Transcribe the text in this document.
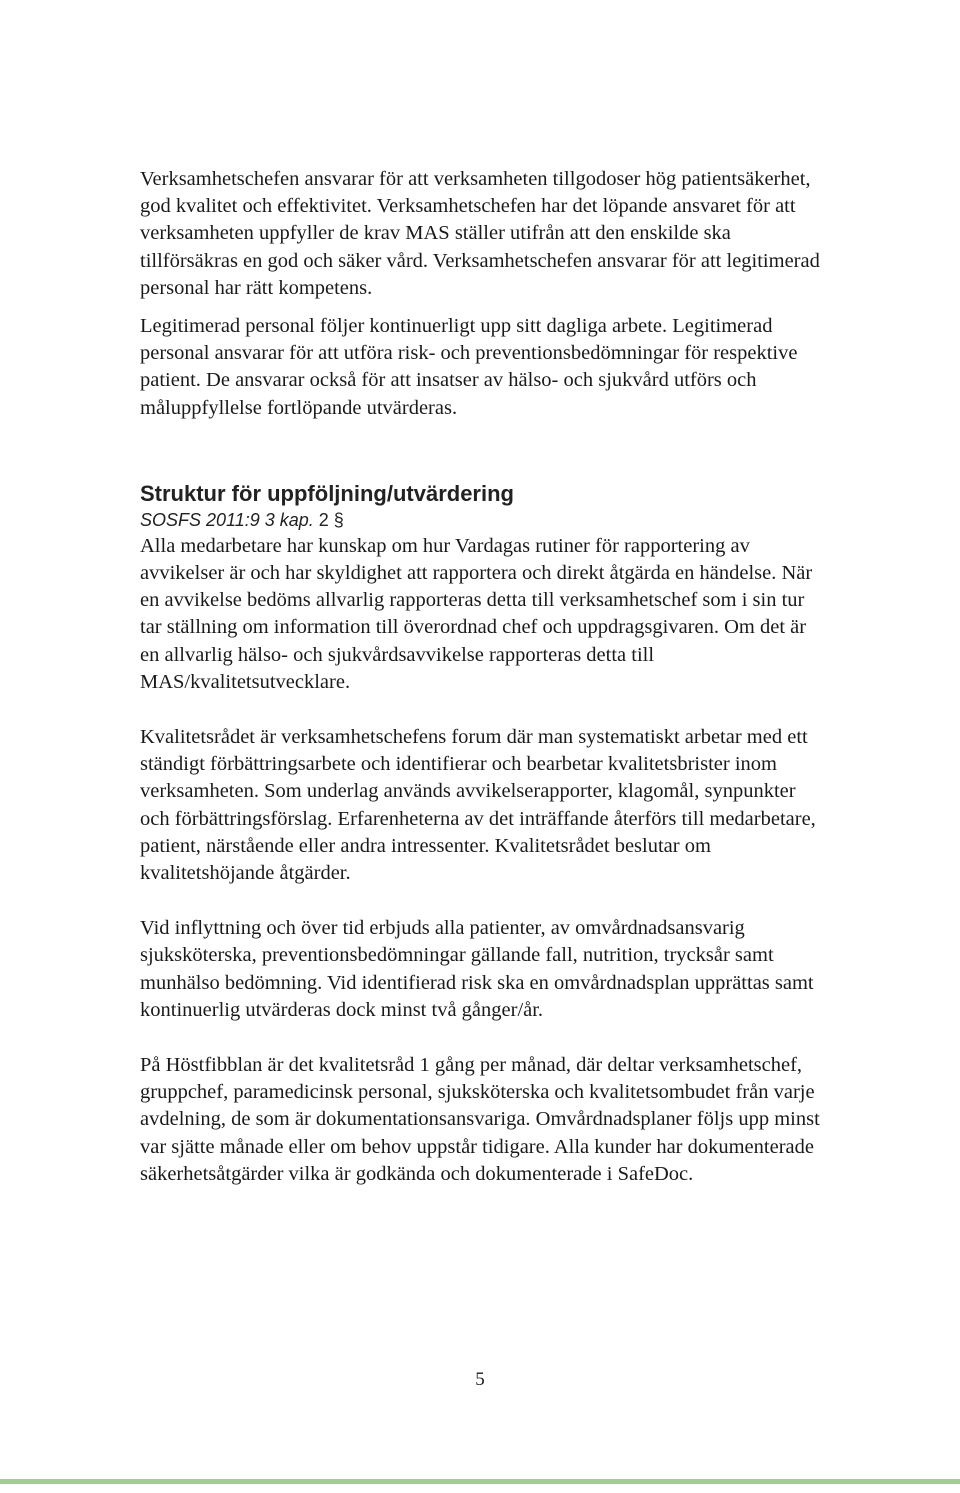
Verksamhetschefen ansvarar för att verksamheten tillgodoser hög patientsäkerhet, god kvalitet och effektivitet. Verksamhetschefen har det löpande ansvaret för att verksamheten uppfyller de krav MAS ställer utifrån att den enskilde ska tillförsäkras en god och säker vård. Verksamhetschefen ansvarar för att legitimerad personal har rätt kompetens.

Legitimerad personal följer kontinuerligt upp sitt dagliga arbete. Legitimerad personal ansvarar för att utföra risk- och preventionsbedömningar för respektive patient. De ansvarar också för att insatser av hälso- och sjukvård utförs och måluppfyllelse fortlöpande utvärderas.

Struktur för uppföljning/utvärdering
SOSFS 2011:9 3 kap. 2 §

Alla medarbetare har kunskap om hur Vardagas rutiner för rapportering av avvikelser är och har skyldighet att rapportera och direkt åtgärda en händelse. När en avvikelse bedöms allvarlig rapporteras detta till verksamhetschef som i sin tur tar ställning om information till överordnad chef och uppdragsgivaren. Om det är en allvarlig hälso- och sjukvårdsavvikelse rapporteras detta till MAS/kvalitetsutvecklare.

Kvalitetsrådet är verksamhetschefens forum där man systematiskt arbetar med ett ständigt förbättringsarbete och identifierar och bearbetar kvalitetsbrister inom verksamheten. Som underlag används avvikelserapporter, klagomål, synpunkter och förbättringsförslag. Erfarenheterna av det inträffande återförs till medarbetare, patient, närstående eller andra intressenter. Kvalitetsrådet beslutar om kvalitetshöjande åtgärder.

Vid inflyttning och över tid erbjuds alla patienter, av omvårdnadsansvarig sjuksköterska, preventionsbedömningar gällande fall, nutrition, trycksår samt munhälso bedömning. Vid identifierad risk ska en omvårdnadsplan upprättas samt kontinuerlig utvärderas dock minst två gånger/år.

På Höstfibblan är det kvalitetsråd 1 gång per månad, där deltar verksamhetschef, gruppchef, paramedicinsk personal, sjuksköterska och kvalitetsombudet från varje avdelning, de som är dokumentationsansvariga. Omvårdnadsplaner följs upp minst var sjätte månade eller om behov uppstår tidigare. Alla kunder har dokumenterade säkerhetsåtgärder vilka är godkända och dokumenterade i SafeDoc.

5
